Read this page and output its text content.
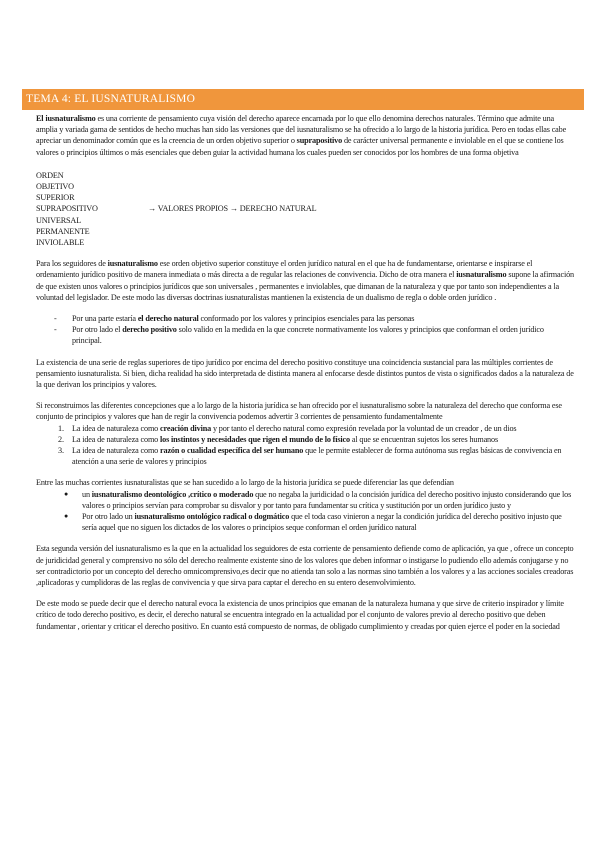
TEMA 4: EL IUSNATURALISMO

El iusnaturalismo es una corriente de pensamiento cuya visión del derecho aparece encarnada por lo que ello denomina derechos naturales. Término que admite una amplia y variada gama de sentidos de hecho muchas han sido las versiones que del iusnaturalismo se ha ofrecido a lo largo de la historia jurídica. Pero en todas ellas cabe apreciar un denominador común que es la creencia de un orden objetivo superior o suprapositivo de carácter universal permanente e inviolable en el que se contiene los valores o principios últimos o más esenciales que deben guiar la actividad humana los cuales pueden ser conocidos por los hombres de una forma objetiva

ORDEN
OBJETIVO
SUPERIOR
SUPRAPOSITIVO	→ VALORES PROPIOS → DERECHO NATURAL
UNIVERSAL
PERMANENTE
INVIOLABLE

Para los seguidores de iusnaturalismo ese orden objetivo superior constituye el orden jurídico natural en el que ha de fundamentarse, orientarse e inspirarse el ordenamiento jurídico positivo de manera inmediata o más directa a de regular las relaciones de convivencia. Dicho de otra manera el iusnaturalismo supone la afirmación de que existen unos valores o principios jurídicos que son universales , permanentes e inviolables, que dimanan de la naturaleza y que por tanto son independientes a la voluntad del legislador. De este modo las diversas doctrinas iusnaturalistas mantienen la existencia de un dualismo de regla o doble orden jurídico .

- Por una parte estaría el derecho natural conformado por los valores y principios esenciales para las personas
- Por otro lado el derecho positivo solo valido en la medida en la que concrete normativamente los valores y principios que conforman el orden jurídico principal.

La existencia de una serie de reglas superiores de tipo jurídico por encima del derecho positivo constituye una coincidencia sustancial para las múltiples corrientes de pensamiento iusnaturalista. Si bien, dicha realidad ha sido interpretada de distinta manera al enfocarse desde distintos puntos de vista o significados dados a la naturaleza de la que derivan los principios y valores.

Si reconstruimos las diferentes concepciones que a lo largo de la historia jurídica se han ofrecido por el iusnaturalismo sobre la naturaleza del derecho que conforma ese conjunto de principios y valores que han de regir la convivencia podemos advertir 3 corrientes de pensamiento fundamentalmente

1. La idea de naturaleza como creación divina y por tanto el derecho natural como expresión revelada por la voluntad de un creador , de un dios
2. La idea de naturaleza como los instintos y necesidades que rigen el mundo de lo físico al que se encuentran sujetos los seres humanos
3. La idea de naturaleza como razón o cualidad específica del ser humano que le permite establecer de forma autónoma sus reglas básicas de convivencia en atención a una serie de valores y principios

Entre las muchas corrientes iusnaturalistas que se han sucedido a lo largo de la historia jurídica se puede diferenciar las que defendían

● un iusnaturalismo deontológico ,crítico o moderado que no negaba la juridicidad o la concisión jurídica del derecho positivo injusto considerando que los valores o principios servían para comprobar su disvalor y por tanto para fundamentar su crítica y sustitución por un orden jurídico justo y
● Por otro lado un iusnaturalismo ontológico radical o dogmático que el toda caso vinieron a negar la condición jurídica del derecho positivo injusto que sería aquel que no siguen los dictados de los valores o principios seque conforman el orden jurídico natural

Esta segunda versión del iusnaturalismo es la que en la actualidad los seguidores de esta corriente de pensamiento defiende como de aplicación, ya que , ofrece un concepto de juridicidad general y comprensivo no sólo del derecho realmente existente sino de los valores que deben informar o instigarse lo pudiendo ello además conjugarse y no ser contradictorio por un concepto del derecho omnicomprensivo,es decir que no atienda tan solo a las normas sino también a los valores y a las acciones sociales creadoras ,aplicadoras y cumplidoras de las reglas de convivencia y que sirva para captar el derecho en su entero desenvolvimiento.

De este modo se puede decir que el derecho natural evoca la existencia de unos principios que emanan de la naturaleza humana y que sirve de criterio inspirador y límite crítico de todo derecho positivo, es decir, el derecho natural se encuentra integrado en la actualidad por el conjunto de valores previo al derecho positivo que deben fundamentar , orientar y criticar el derecho positivo. En cuanto está compuesto de normas, de obligado cumplimiento y creadas por quien ejerce el poder en la sociedad
